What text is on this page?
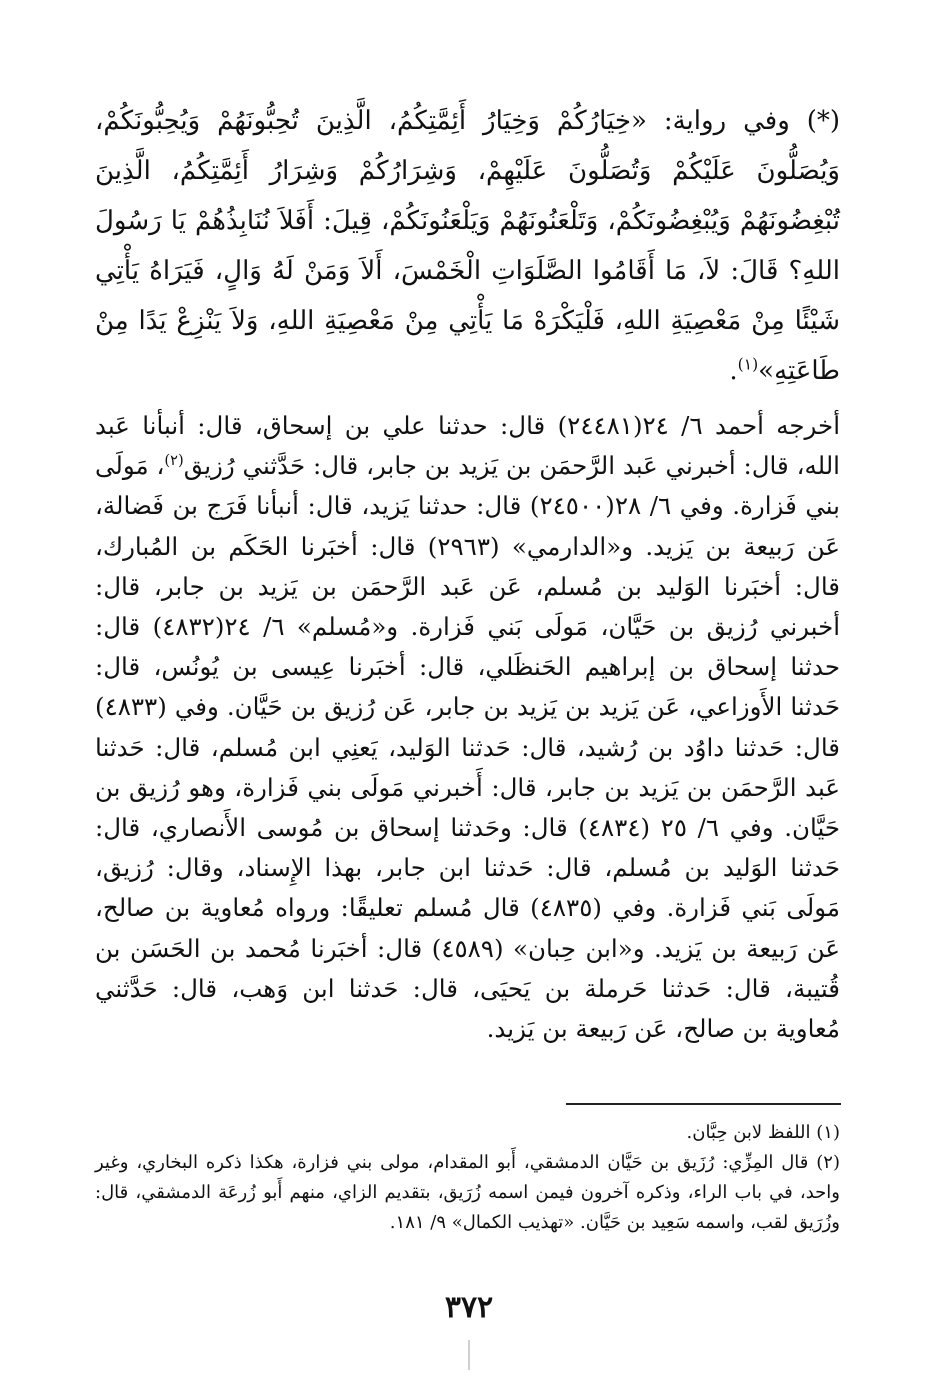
(*) وفي رواية: «خِيَارُكُمْ وَخِيَارُ أَئِمَّتِكُمُ، الَّذِينَ تُحِبُّونَهُمْ وَيُحِبُّونَكُمْ، وَيُصَلُّونَ عَلَيْكُمْ وَتُصَلُّونَ عَلَيْهِمْ، وَشِرَارُكُمْ وَشِرَارُ أَئِمَّتِكُمُ، الَّذِينَ تُبْغِضُونَهُمْ وَيُبْغِضُونَكُمْ، وَتَلْعَنُونَهُمْ وَيَلْعَنُونَكُمْ، قِيلَ: أَفَلاَ نُنَابِذُهُمْ يَا رَسُولَ اللهِ؟ قَالَ: لاَ، مَا أَقَامُوا الصَّلَوَاتِ الْخَمْسَ، أَلاَ وَمَنْ لَهُ وَالٍ، فَيَرَاهُ يَأْتِي شَيْئًا مِنْ مَعْصِيَةِ اللهِ، فَلْيَكْرَهْ مَا يَأْتِي مِنْ مَعْصِيَةِ اللهِ، وَلاَ يَنْزِعْ يَدًا مِنْ طَاعَتِهِ»$^{(١)}$.

أخرجه أحمد ٦/ ٢٤(٢٤٤٨١) قال: حدثنا علي بن إسحاق، قال: أنبأنا عَبد الله، قال: أخبرني عَبد الرَّحمَن بن يَزيد بن جابر، قال: حَدَّثني رُزيق$^{(٢)}$، مَولَى بني فَزارة. وفي ٦/ ٢٨(٢٤٥٠٠) قال: حدثنا يَزيد، قال: أنبأنا فَرَج بن فَضالة، عَن رَبيعة بن يَزيد. و«الدارمي» (٢٩٦٣) قال: أخبَرنا الحَكَم بن المُبارك، قال: أخبَرنا الوَليد بن مُسلم، عَن عَبد الرَّحمَن بن يَزيد بن جابر، قال: أخبرني رُزيق بن حَيَّان، مَولَى بَني فَزارة. و«مُسلم» ٦/ ٢٤(٤٨٣٢) قال: حدثنا إسحاق بن إبراهيم الحَنظَلي، قال: أخبَرنا عِيسى بن يُونُس، قال: حَدثنا الأَوزاعي، عَن يَزيد بن يَزيد بن جابر، عَن رُزيق بن حَيَّان. وفي (٤٨٣٣) قال: حَدثنا داوُد بن رُشيد، قال: حَدثنا الوَليد، يَعنِي ابن مُسلم، قال: حَدثنا عَبد الرَّحمَن بن يَزيد بن جابر، قال: أَخبرني مَولَى بني فَزارة، وهو رُزيق بن حَيَّان. وفي ٦/ ٢٥ (٤٨٣٤) قال: وحَدثنا إسحاق بن مُوسى الأَنصاري، قال: حَدثنا الوَليد بن مُسلم، قال: حَدثنا ابن جابر، بهذا الإِسناد، وقال: رُزيق، مَولَى بَني فَزارة. وفي (٤٨٣٥) قال مُسلم تعليقًا: ورواه مُعاوية بن صالح، عَن رَبيعة بن يَزيد. و«ابن حِبان» (٤٥٨٩) قال: أخبَرنا مُحمد بن الحَسَن بن قُتيبة، قال: حَدثنا حَرملة بن يَحيَى، قال: حَدثنا ابن وَهب، قال: حَدَّثني مُعاوية بن صالح، عَن رَبيعة بن يَزيد.

(١) اللفظ لابن حِبَّان.

(٢) قال المِزِّي: رُزَيق بن حَيَّان الدمشقي، أَبو المقدام، مولى بني فزارة، هكذا ذكره البخاري، وغير واحد، في باب الراء، وذكره آخرون فيمن اسمه زُرَيق، بتقديم الزاي، منهم أَبو زُرعَة الدمشقي، قال: وزُرَيق لقب، واسمه سَعِيد بن حَيَّان. «تهذيب الكمال» ٩/ ١٨١.

٣٧٢
